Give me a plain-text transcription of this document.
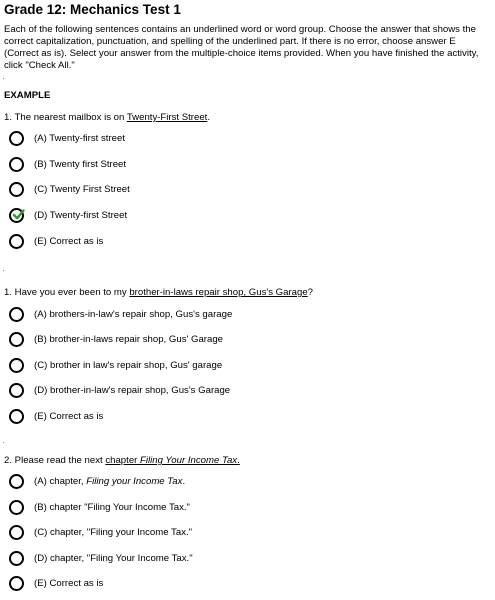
Grade 12: Mechanics Test 1
Each of the following sentences contains an underlined word or word group. Choose the answer that shows the correct capitalization, punctuation, and spelling of the underlined part. If there is no error, choose answer E (Correct as is). Select your answer from the multiple-choice items provided. When you have finished the activity, click "Check All."
EXAMPLE
1. The nearest mailbox is on Twenty-First Street.
(A) Twenty-first street
(B) Twenty first Street
(C) Twenty First Street
(D) Twenty-first Street
(E) Correct as is
1. Have you ever been to my brother-in-laws repair shop, Gus's Garage?
(A) brothers-in-law's repair shop, Gus's garage
(B) brother-in-laws repair shop, Gus' Garage
(C) brother in law's repair shop, Gus' garage
(D) brother-in-law's repair shop, Gus's Garage
(E) Correct as is
2. Please read the next chapter Filing Your Income Tax.
(A) chapter, Filing your Income Tax.
(B) chapter "Filing Your Income Tax."
(C) chapter, "Filing your Income Tax."
(D) chapter, "Filing Your Income Tax."
(E) Correct as is
